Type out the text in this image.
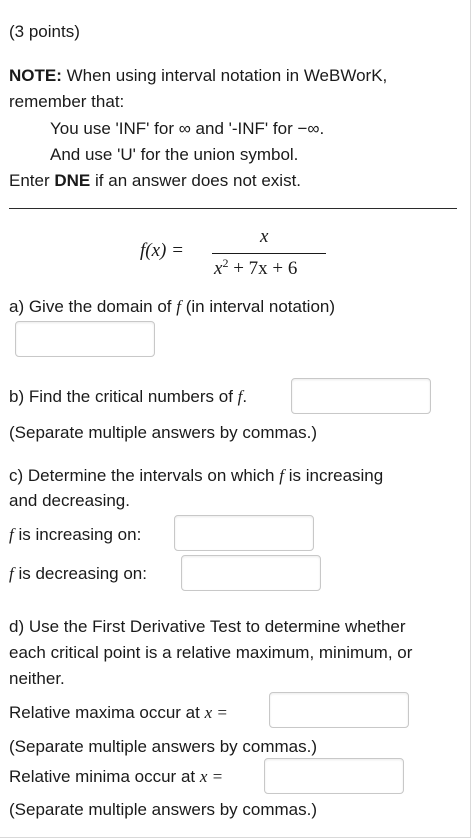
(3 points)
NOTE: When using interval notation in WeBWorK,
remember that:
You use 'INF' for ∞ and '-INF' for −∞.
And use 'U' for the union symbol.
Enter DNE if an answer does not exist.
f(x) =
x
$x^2 + 7x + 6$
a) Give the domain of f (in interval notation)
b) Find the critical numbers of f.
(Separate multiple answers by commas.)
c) Determine the intervals on which f is increasing
and decreasing.
f is increasing on:
f is decreasing on:
d) Use the First Derivative Test to determine whether
each critical point is a relative maximum, minimum, or
neither.
Relative maxima occur at x =
(Separate multiple answers by commas.)
Relative minima occur at x =
(Separate multiple answers by commas.)
